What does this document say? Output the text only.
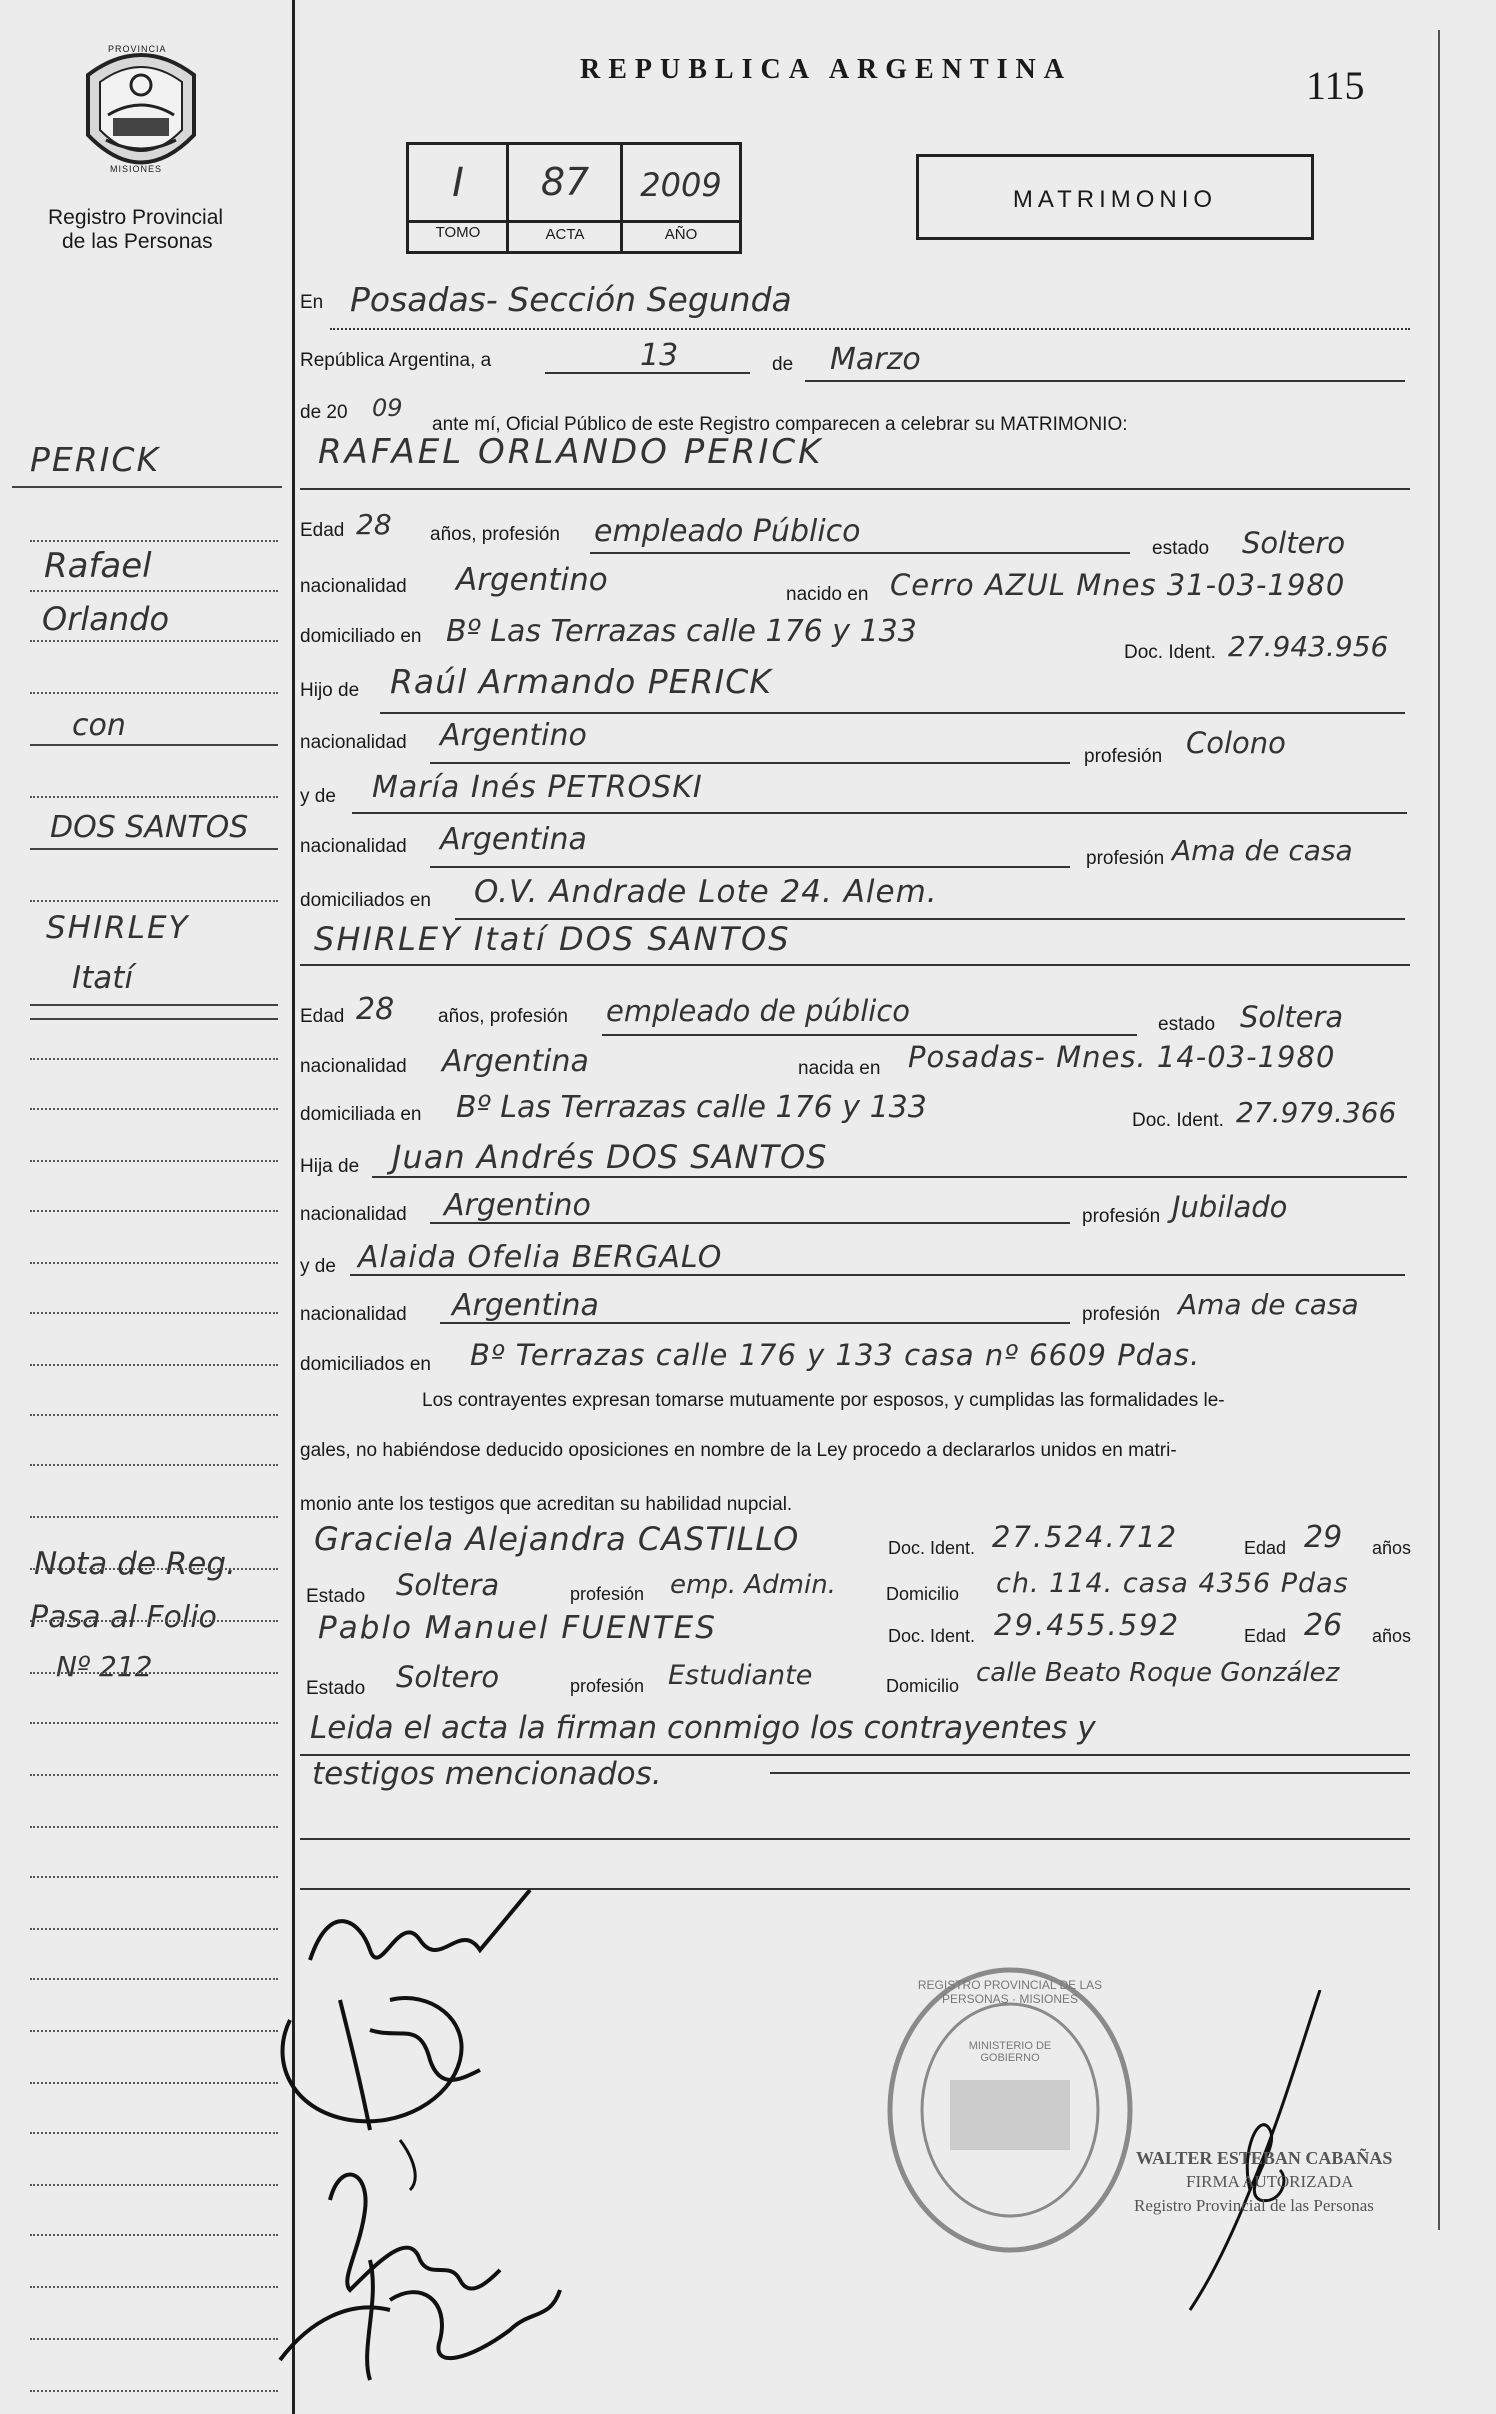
PROVINCIA
MISIONES
Registro Provincial
de las Personas
REPUBLICA ARGENTINA	115
I	87	2009
TOMO	ACTA	AÑO
MATRIMONIO
En Posadas- Sección Segunda
República Argentina, a	13	de Marzo
de 20 09
ante mí, Oficial Público de este Registro comparecen a celebrar su MATRIMONIO:
RAFAEL ORLANDO PERICK
Edad 28 años, profesión empleado Público	estado Soltero
nacionalidad Argentino	nacido en Cerro AZUL Mnes 31-03-1980
domiciliado en Bº Las Terrazas calle 176 y 133
Doc. Ident. 27.943.956
Hijo de Raúl Armando PERICK
nacionalidad Argentino
profesión Colono
y de María Inés PETROSKI
nacionalidad Argentina
profesión Ama de casa
domiciliados en O.V. Andrade Lote 24. Alem.
SHIRLEY Itatí DOS SANTOS
Edad 28 años, profesión empleado de público	estado Soltera
nacionalidad Argentina	nacida en Posadas- Mnes. 14-03-1980
domiciliada en Bº Las Terrazas calle 176 y 133	Doc. Ident. 27.979.366
Hija de Juan Andrés DOS SANTOS
nacionalidad Argentino	profesión Jubilado
y de Alaida Ofelia BERGALO
nacionalidad Argentina	profesión Ama de casa
domiciliados en Bº Terrazas calle 176 y 133 casa nº 6609 Pdas.
Los contrayentes expresan tomarse mutuamente por esposos, y cumplidas las formalidades le-
gales, no habiéndose deducido oposiciones en nombre de la Ley procedo a declararlos unidos en matri-
monio ante los testigos que acreditan su habilidad nupcial.
Graciela Alejandra CASTILLO	Doc. Ident. 27.524.712	Edad 29 años
Estado Soltera	profesión emp. Admin.	Domicilio ch. 114. casa 4356 Pdas
Pablo Manuel FUENTES	Doc. Ident. 29.455.592	Edad 26 años
Estado Soltero	profesión Estudiante	Domicilio calle Beato Roque González
Leida el acta la firman conmigo los contrayentes y
testigos mencionados.
PERICK
Rafael
Orlando
con
DOS SANTOS
SHIRLEY
Itatí
Nota de Reg.
Pasa al Folio
Nº 212
REGISTRO PROVINCIAL DE LAS PERSONAS · MISIONES
MINISTERIO DE GOBIERNO
WALTER ESTEBAN CABAÑAS
FIRMA AUTORIZADA
Registro Provincial de las Personas
